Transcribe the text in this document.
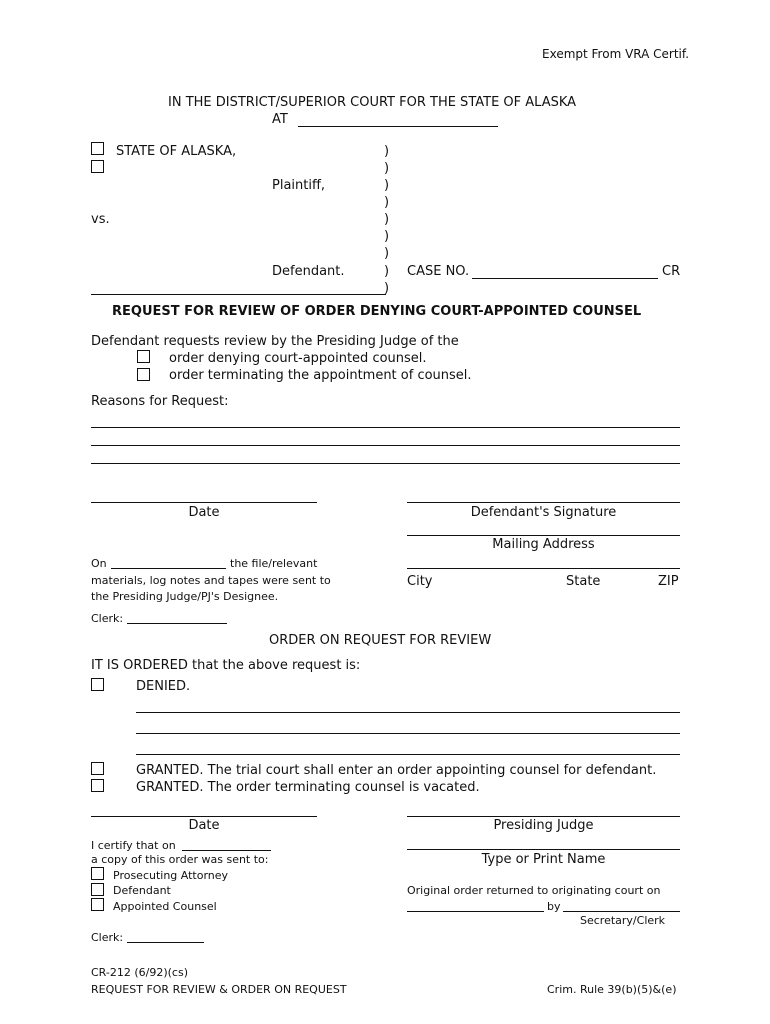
Exempt From VRA Certif.
IN THE DISTRICT/SUPERIOR COURT FOR THE STATE OF ALASKA
AT
STATE OF ALASKA,
Plaintiff,
vs.
Defendant.
)
)
)
)
)
)
)
)
)
CASE NO.	CR
REQUEST FOR REVIEW OF ORDER DENYING COURT-APPOINTED COUNSEL
Defendant requests review by the Presiding Judge of the
order denying court-appointed counsel.
order terminating the appointment of counsel.
Reasons for Request:
Date	Defendant's Signature
Mailing Address
City	State	ZIP
On	the file/relevant
materials, log notes and tapes were sent to
the Presiding Judge/PJ's Designee.
Clerk:
ORDER ON REQUEST FOR REVIEW
IT IS ORDERED that the above request is:
DENIED.
GRANTED. The trial court shall enter an order appointing counsel for defendant.
GRANTED. The order terminating counsel is vacated.
Date	Presiding Judge
Type or Print Name
I certify that on
a copy of this order was sent to:
Prosecuting Attorney
Defendant
Appointed Counsel
Clerk:
Original order returned to originating court on
by
Secretary/Clerk
CR-212 (6/92)(cs)
REQUEST FOR REVIEW & ORDER ON REQUEST	Crim. Rule 39(b)(5)&(e)
